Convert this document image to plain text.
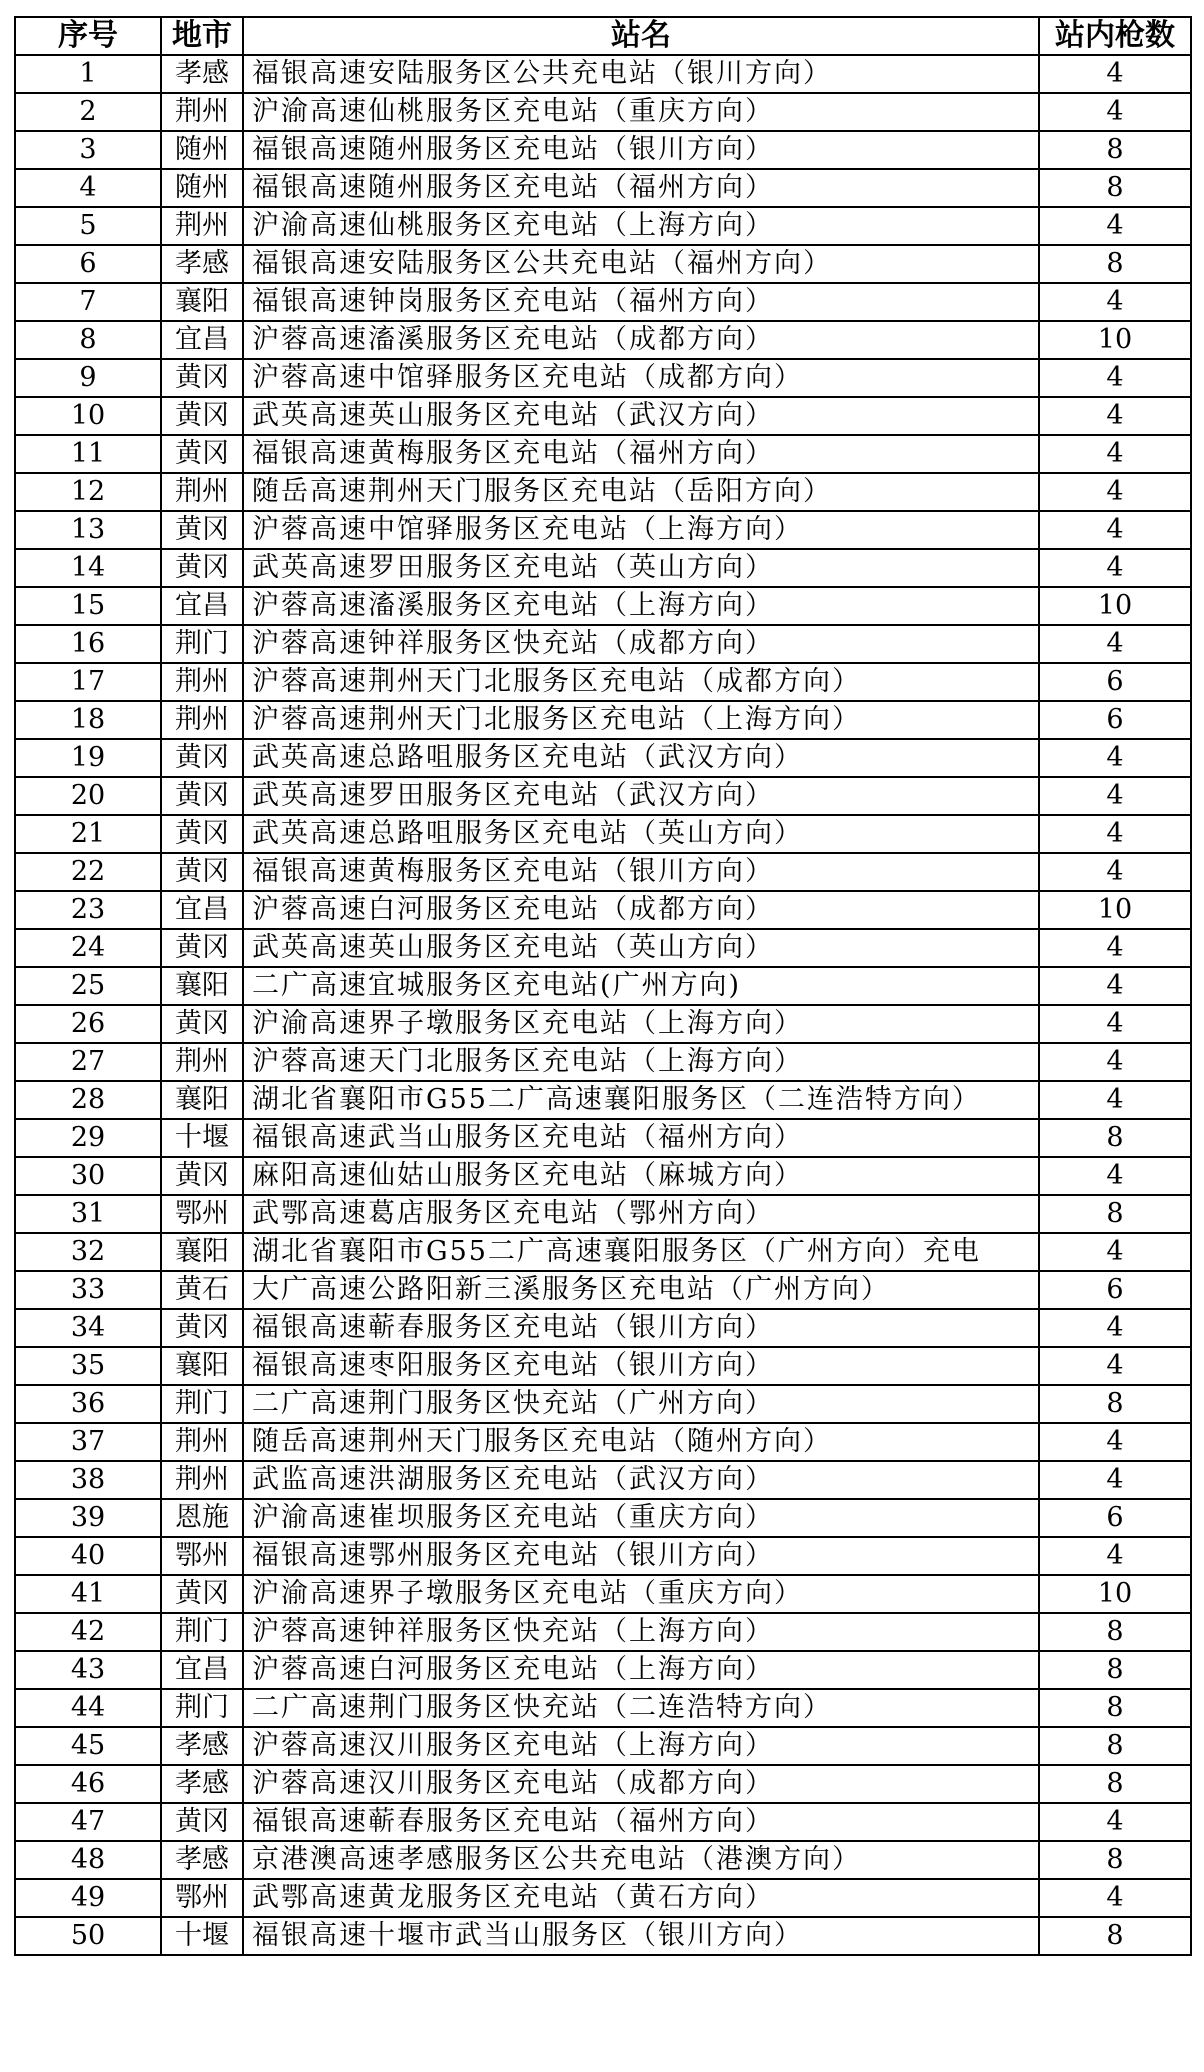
序号	地市	站名	站内枪数
1	孝感	福银高速安陆服务区公共充电站（银川方向）	4
2	荆州	沪渝高速仙桃服务区充电站（重庆方向）	4
3	随州	福银高速随州服务区充电站（银川方向）	8
4	随州	福银高速随州服务区充电站（福州方向）	8
5	荆州	沪渝高速仙桃服务区充电站（上海方向）	4
6	孝感	福银高速安陆服务区公共充电站（福州方向）	8
7	襄阳	福银高速钟岗服务区充电站（福州方向）	4
8	宜昌	沪蓉高速滀溪服务区充电站（成都方向）	10
9	黄冈	沪蓉高速中馆驿服务区充电站（成都方向）	4
10	黄冈	武英高速英山服务区充电站（武汉方向）	4
11	黄冈	福银高速黄梅服务区充电站（福州方向）	4
12	荆州	随岳高速荆州天门服务区充电站（岳阳方向）	4
13	黄冈	沪蓉高速中馆驿服务区充电站（上海方向）	4
14	黄冈	武英高速罗田服务区充电站（英山方向）	4
15	宜昌	沪蓉高速滀溪服务区充电站（上海方向）	10
16	荆门	沪蓉高速钟祥服务区快充站（成都方向）	4
17	荆州	沪蓉高速荆州天门北服务区充电站（成都方向）	6
18	荆州	沪蓉高速荆州天门北服务区充电站（上海方向）	6
19	黄冈	武英高速总路咀服务区充电站（武汉方向）	4
20	黄冈	武英高速罗田服务区充电站（武汉方向）	4
21	黄冈	武英高速总路咀服务区充电站（英山方向）	4
22	黄冈	福银高速黄梅服务区充电站（银川方向）	4
23	宜昌	沪蓉高速白河服务区充电站（成都方向）	10
24	黄冈	武英高速英山服务区充电站（英山方向）	4
25	襄阳	二广高速宜城服务区充电站(广州方向)	4
26	黄冈	沪渝高速界子墩服务区充电站（上海方向）	4
27	荆州	沪蓉高速天门北服务区充电站（上海方向）	4
28	襄阳	湖北省襄阳市G55二广高速襄阳服务区（二连浩特方向）	4
29	十堰	福银高速武当山服务区充电站（福州方向）	8
30	黄冈	麻阳高速仙姑山服务区充电站（麻城方向）	4
31	鄂州	武鄂高速葛店服务区充电站（鄂州方向）	8
32	襄阳	湖北省襄阳市G55二广高速襄阳服务区（广州方向）充电	4
33	黄石	大广高速公路阳新三溪服务区充电站（广州方向）	6
34	黄冈	福银高速蕲春服务区充电站（银川方向）	4
35	襄阳	福银高速枣阳服务区充电站（银川方向）	4
36	荆门	二广高速荆门服务区快充站（广州方向）	8
37	荆州	随岳高速荆州天门服务区充电站（随州方向）	4
38	荆州	武监高速洪湖服务区充电站（武汉方向）	4
39	恩施	沪渝高速崔坝服务区充电站（重庆方向）	6
40	鄂州	福银高速鄂州服务区充电站（银川方向）	4
41	黄冈	沪渝高速界子墩服务区充电站（重庆方向）	10
42	荆门	沪蓉高速钟祥服务区快充站（上海方向）	8
43	宜昌	沪蓉高速白河服务区充电站（上海方向）	8
44	荆门	二广高速荆门服务区快充站（二连浩特方向）	8
45	孝感	沪蓉高速汉川服务区充电站（上海方向）	8
46	孝感	沪蓉高速汉川服务区充电站（成都方向）	8
47	黄冈	福银高速蕲春服务区充电站（福州方向）	4
48	孝感	京港澳高速孝感服务区公共充电站（港澳方向）	8
49	鄂州	武鄂高速黄龙服务区充电站（黄石方向）	4
50	十堰	福银高速十堰市武当山服务区（银川方向）	8
